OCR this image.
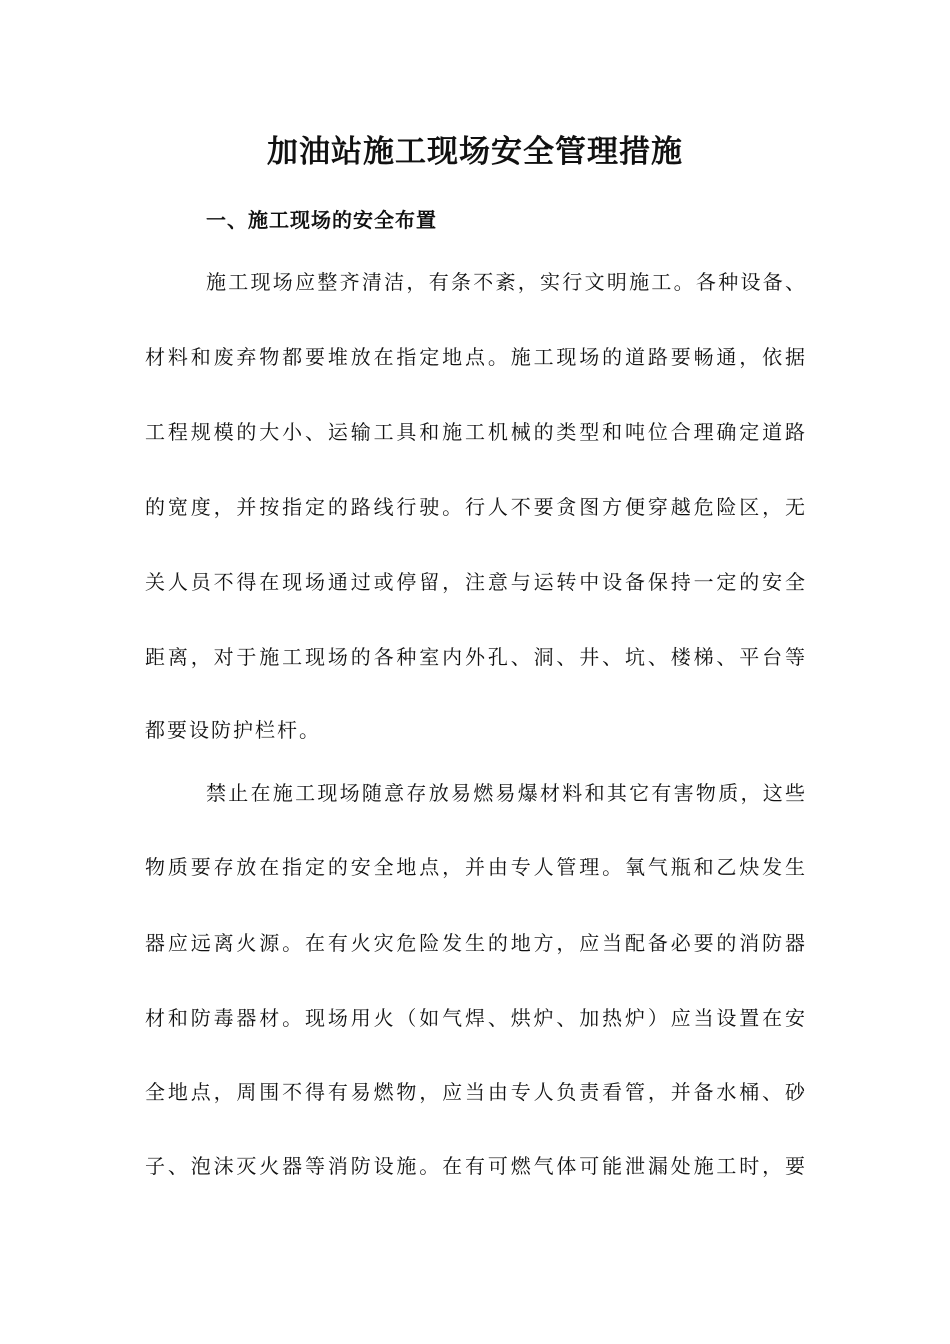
加油站施工现场安全管理措施
一、施工现场的安全布置

施工现场应整齐清洁，有条不紊，实行文明施工。各种设备、

材料和废弃物都要堆放在指定地点。施工现场的道路要畅通，依据

工程规模的大小、运输工具和施工机械的类型和吨位合理确定道路

的宽度，并按指定的路线行驶。行人不要贪图方便穿越危险区，无

关人员不得在现场通过或停留，注意与运转中设备保持一定的安全

距离，对于施工现场的各种室内外孔、洞、井、坑、楼梯、平台等

都要设防护栏杆。

禁止在施工现场随意存放易燃易爆材料和其它有害物质，这些

物质要存放在指定的安全地点，并由专人管理。氧气瓶和乙炔发生

器应远离火源。在有火灾危险发生的地方，应当配备必要的消防器

材和防毒器材。现场用火（如气焊、烘炉、加热炉）应当设置在安

全地点，周围不得有易燃物，应当由专人负责看管，并备水桶、砂

子、泡沫灭火器等消防设施。在有可燃气体可能泄漏处施工时，要
